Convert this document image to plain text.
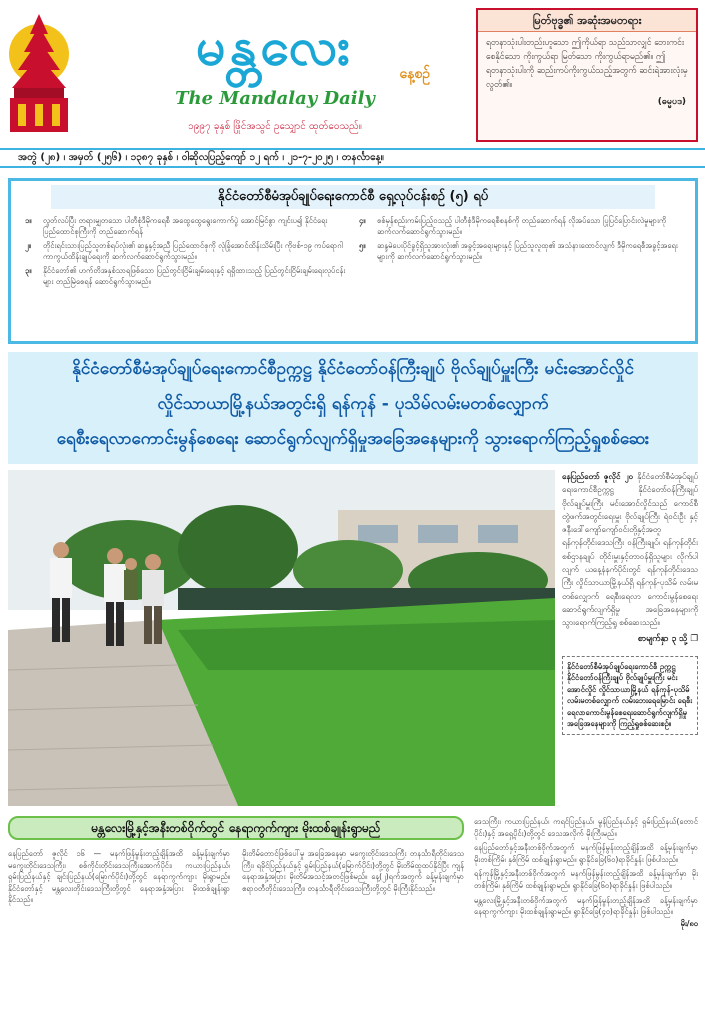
မန္တလေး	နေ့စဉ်
The Mandalay Daily
၁၉၉၇ ခုနှစ် ဖြိုင်အသွင် ဥသျှောင် ထုတ်ဝေသည်။
မြတ်ဗုဒ္ဓ၏ အဆုံးအမတရား
ရတနာသုံးပါးတည်းဟူသော ဤကိုယ်ရာ သည်သာလျှင် ဘေးကင်းစေနိုင်သော ကိုးကွယ်ရာ မြတ်သော ကိုးကွယ်ရာမည်၏။ ဤရတနာသုံးပါးကို ဆည်းကပ်ကိုးကွယ်သည့်အတွက် ဆင်းရဲအားလုံးမှ လွတ်၏။
(ဓမ္မပဒ)
အတွဲ (၂၈) ၊ အမှတ် (၂၅၆) ၊ ၁၃၈၇ ခုနှစ် ၊ ဝါဆိုလပြည့်ကျော် ၁၂ ရက် ၊ ၂၁-၇-၂၀၂၅ ၊ တနင်္လာနေ့။
နိုင်ငံတော်စီမံအုပ်ချုပ်ရေးကောင်စီ ရှေ့လုပ်ငန်းစဉ် (၅) ရပ်
၁။	လွတ်လပ်ပြီး တရားမျှတသော ပါတီစုံဒီမိုကရေစီ အထွေထွေရွေးကောက်ပွဲ အောင်မြင်စွာ ကျင်းပ၍ နိုင်ငံရေးပြည်ထောင်စုကြီးကို တည်ဆောက်ရန်
၂။	တိုင်းရင်းသားပြည်သူတစ်ရပ်လုံး၏ ဆန္ဒနှင့်အညီ ပြည်ထောင်စုကို လုံခြုံအောင်ထိန်းသိမ်းပြီး ကိုဗစ်-၁၉ ကပ်ရောဂါ ကာကွယ်ထိန်းချုပ်ရေးကို ဆက်လက်ဆောင်ရွက်သွားမည်။
၃။	နိုင်ငံတော်၏ ဟက်တိအနှစ်သာရဖြစ်သော ပြည်တွင်းငြိမ်းချမ်းရေးနှင့် ရရှိထားသည့် ပြည်တွင်းငြိမ်းချမ်းရေးလုပ်ငန်းများ တည်မြဲစေရန် ဆောင်ရွက်သွားမည်။
၄။	စစ်မှန်စည်းကမ်းပြည့်ဝသည့် ပါတီစုံဒီမိုကရေစီစနစ်ကို တည်ဆောက်ရန် လိုအပ်သော ပြုပြင်ပြောင်းလဲမှုများကို ဆက်လက်ဆောင်ရွက်သွားမည်။
၅။	ဆန္ဒမဲပေးပိုင်ခွင့်ရှိသူအားလုံး၏ အခွင့်အရေးများနှင့် ပြည်သူလူထု၏ အသံနားထောင်လျက် ဒီမိုကရေစီအခွင့်အရေးများကို ဆက်လက်ဆောင်ရွက်သွားမည်။
နိုင်ငံတော်စီမံအုပ်ချုပ်ရေးကောင်စီဥက္ကဋ္ဌ နိုင်ငံတော်ဝန်ကြီးချုပ် ဗိုလ်ချုပ်မှူးကြီး မင်းအောင်လှိုင်
လှိုင်သာယာမြို့နယ်အတွင်းရှိ ရန်ကုန် - ပုသိမ်လမ်းမတစ်လျှောက်
ရေစီးရေလာကောင်းမွန်စေရေး ဆောင်ရွက်လျက်ရှိမှုအခြေအနေများကို သွားရောက်ကြည့်ရှုစစ်ဆေး
နေပြည်တော် ဇူလိုင် ၂၀ နိုင်ငံတော်စီမံအုပ်ချုပ်ရေးကောင်စီဥက္ကဋ္ဌ နိုင်ငံတော်ဝန်ကြီးချုပ် ဗိုလ်ချုပ်မှူးကြီး မင်းအောင်လှိုင်သည် ကောင်စီ တွဲဖက်အတွင်းရေးမှူး ဗိုလ်ချုပ်ကြီး ရဲဝင်းဦး နှင့် ဇနီးဒေါ်ကျော်ကျော်ဝင်းတို့နှင့်အတူ ရန်ကုန်တိုင်းဒေသကြီး ဝန်ကြီးချုပ်၊ ရန်ကုန်တိုင်းစစ်ဌာနချုပ် တိုင်းမှူးနှင့်တာဝန်ရှိသူများ လိုက်ပါလျက် ယနေ့နံနက်ပိုင်းတွင် ရန်ကုန်တိုင်းဒေသကြီး လှိုင်သာယာမြို့နယ်ရှိ ရန်ကုန်-ပုသိမ် လမ်းမတစ်လျှောက် ရေစီးရေလာ ကောင်းမွန်စေရေး ဆောင်ရွက်လျက်ရှိမှု အခြေအနေများကို သွားရောက်ကြည့်ရှု စစ်ဆေးသည်။
စာမျက်နှာ ၃ သို့ ❐
နိုင်ငံတော်စီမံအုပ်ချုပ်ရေးကောင်စီ ဥက္ကဋ္ဌ နိုင်ငံတော်ဝန်ကြီးချုပ် ဗိုလ်ချုပ်မှူးကြီး မင်းအောင်လှိုင် လှိုင်သာယာမြို့နယ် ရန်ကုန်-ပုသိမ် လမ်းမတစ်လျှောက် လမ်းဘေးရေမြောင်း ရေစီးရေလာကောင်းမွန်စေရေးဆောင်ရွက်လျက်ရှိမှုအခြေအနေများကို ကြည့်ရှုစစ်ဆေးစဉ်။
မန္တလေးမြို့နှင့်အနီးတစ်ဝိုက်တွင် နေရာကွက်ကျား မိုးထစ်ချုန်းရွာမည်
နေပြည်တော် ဇူလိုင် ၁၆ — မနက်ဖြန်မွန်းတည့်ချိန်အထိ ခန့်မှန်းချက်မှာ မကွေးတိုင်းဒေသကြီး၊ စစ်ကိုင်းတိုင်းဒေသကြီးအောက်ပိုင်း၊ ကယားပြည်နယ်၊ ရှမ်းပြည်နယ်နှင့် ချင်းပြည်နယ်(မြောက်ပိုင်း)တို့တွင် နေရာကွက်ကျား မိုးရွာမည်။ နိုင်ငံတော်နှင့် မန္တလေးတိုင်းဒေသကြီးတို့တွင် နေရာအနှံ့အပြား မိုးထစ်ချုန်းရွာနိုင်သည်။
မိုးတိမ်တောင်ဖြစ်ပေါ်မှု အခြေအနေမှာ မကွေးတိုင်းဒေသကြီး တနင်္သာရီတိုင်းဒေသကြီး၊ ရခိုင်ပြည်နယ်နှင့် ရှမ်းပြည်နယ်(မြောက်ပိုင်း)တို့တွင် မိုးတိမ်ထူထပ်နိုင်ပြီး ကျန်နေရာအနှံ့အပြား မိုးတိမ်အသင့်အတင့်ဖြစ်မည်။ နေ့(၂)ရက်အတွက် ခန့်မှန်းချက်မှာ ဧရာဝတီတိုင်းဒေသကြီး၊ တနင်္သာရီတိုင်းဒေသကြီးတို့တွင် မိုးကြီးနိုင်သည်။
ဒေသကြီး၊ ကယားပြည်နယ်၊ ကရင်ပြည်နယ်၊ မွန်ပြည်နယ်နှင့် ရှမ်းပြည်နယ်(တောင်ပိုင်း)နှင့် အရှေ့ပိုင်း)တို့တွင် ဒေသအလိုက် မိုးကြီးမည်။
နေပြည်တော်နှင့်အနီးတစ်ဝိုက်အတွက် မနက်ဖြန်မွန်းတည့်ချိန်အထိ ခန့်မှန်းချက်မှာ မိုးတစ်ကြိမ်၊ နှစ်ကြိမ် ထစ်ချုန်းရွာမည်။ ရွာနိုင်ခြေ(၆၀)ရာခိုင်နှုန်း ဖြစ်ပါသည်။
ရန်ကုန်မြို့နှင့်အနီးတစ်ဝိုက်အတွက် မနက်ဖြန်မွန်းတည့်ချိန်အထိ ခန့်မှန်းချက်မှာ မိုးတစ်ကြိမ်၊ နှစ်ကြိမ် ထစ်ချုန်းရွာမည်။ ရွာနိုင်ခြေ(၆၀)ရာခိုင်နှုန်း ဖြစ်ပါသည်။
မန္တလေးမြို့နှင့်အနီးတစ်ဝိုက်အတွက် မနက်ဖြန်မွန်းတည့်ချိန်အထိ ခန့်မှန်းချက်မှာ နေရာကွက်ကျား မိုးထစ်ချုန်းရွာမည်။ ရွာနိုင်ခြေ(၄၀)ရာခိုင်နှုန်း ဖြစ်ပါသည်။
မိုး/၈၀
